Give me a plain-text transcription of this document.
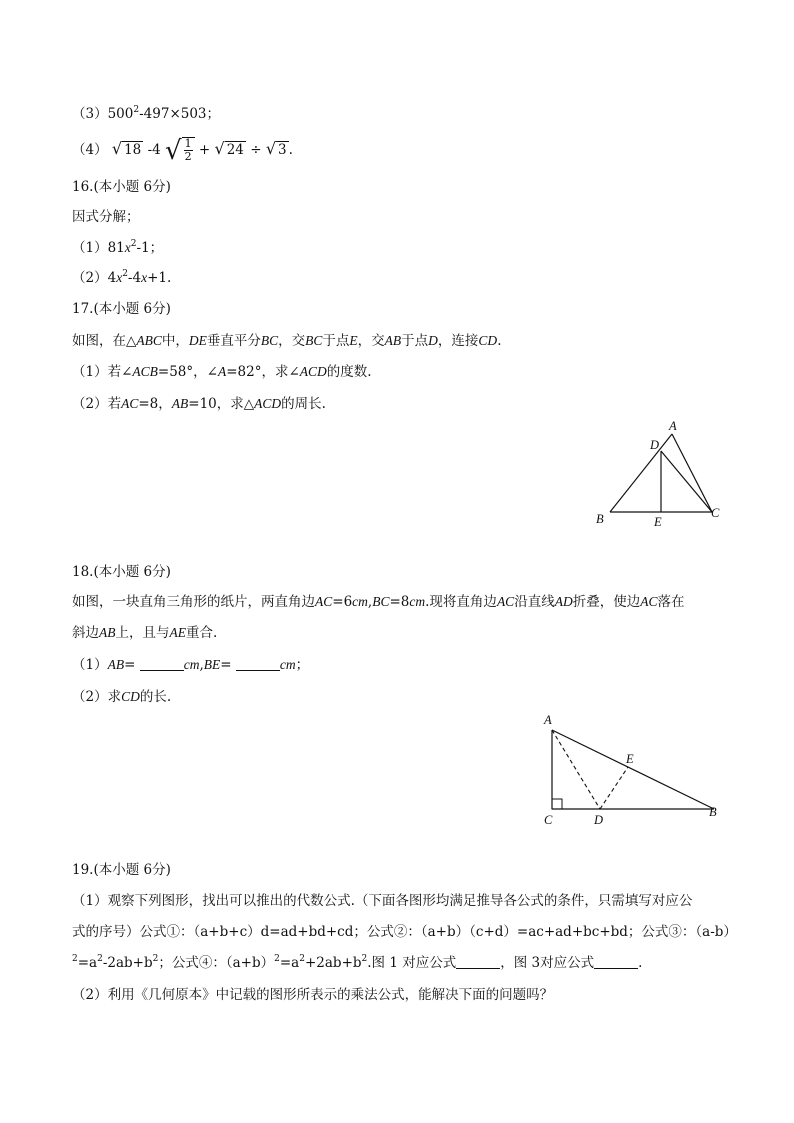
$(3)500^2-497\times 503$；
（4） √ 18 -4 √ $\frac{1}{2}$ + √ 24 ÷ √ 3 .
16.(本小题 6分)
因式分解；
$(1)81x^2-1$；
$(2)4x^2-4x+1$.
17.(本小题 6分)
如图，在△ABC中，DE垂直平分BC，交BC于点E，交AB于点D，连接CD.
（1）若∠ACB=58°，∠A=82°，求∠ACD的度数.
（2）若AC=8，AB=10，求△ACD的周长.
A
D
B	E
C
18.(本小题 6分)
如图，一块直角三角形的纸片，两直角边AC=6cm,BC=8cm.现将直角边AC沿直线AD折叠，使边AC落在
斜边AB上，且与AE重合.
（1）AB=	cm,BE=	cm；
（2）求CD的长.
A
E
C	D
B
19.(本小题 6分)
（1）观察下列图形，找出可以推出的代数公式.（下面各图形均满足推导各公式的条件，只需填写对应公
式的序号）公式①：（a+b+c）d=ad+bd+cd；公式②：（a+b）（c+d）=ac+ad+bc+bd；公式③：（a-b）
$^2=a^2-2ab+b^2$；公式④：$(a+b)^2=a^2+2ab+b^2$.图 1 对应公式	，图 3对应公式	.
（2）利用《几何原本》中记载的图形所表示的乘法公式，能解决下面的问题吗？
